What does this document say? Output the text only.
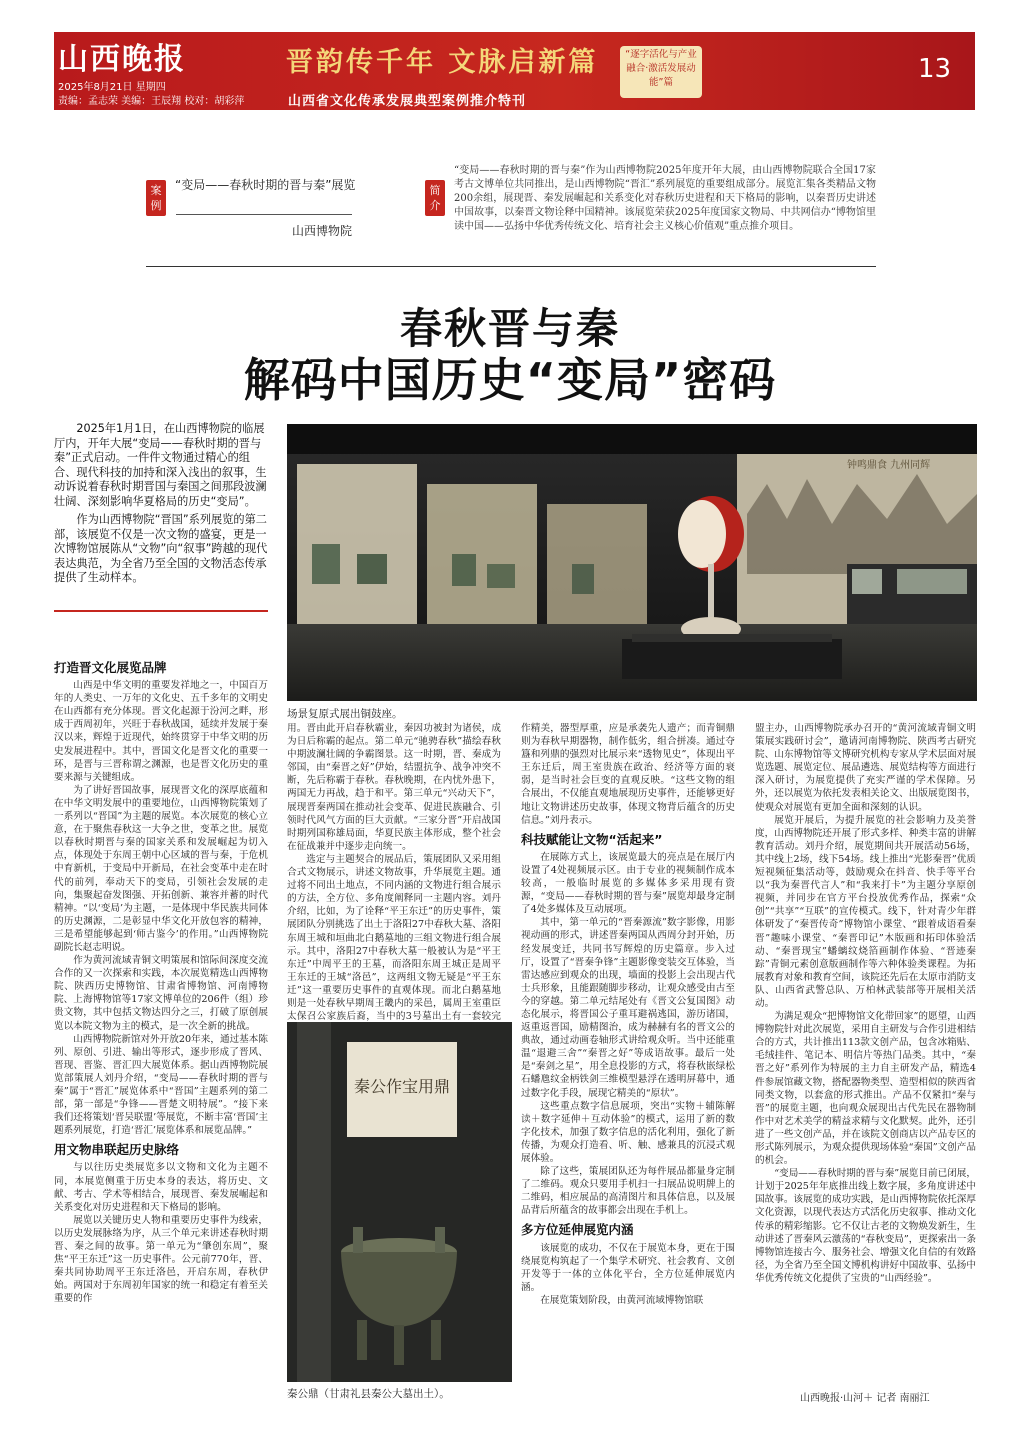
山西晚报
2025年8月21日 星期四
责编：孟志荣 美编：王辰翔 校对：胡彩萍
晋韵传千年 文脉启新篇
山西省文化传承发展典型案例推介特刊
“逐字活化与产业融合·激活发展动能”篇	13
案例
“变局——春秋时期的晋与秦”展览
山西博物院
简介
“变局——春秋时期的晋与秦”作为山西博物院2025年度开年大展，由山西博物院联合全国17家考古文博单位共同推出，是山西博物院“晋汇”系列展览的重要组成部分。展览汇集各类精品文物200余组，展现晋、秦发展崛起和关系变化对春秋历史进程和天下格局的影响，以秦晋历史讲述中国故事，以秦晋文物诠释中国精神。该展览荣获2025年度国家文物局、中共网信办“博物馆里读中国——弘扬中华优秀传统文化、培育社会主义核心价值观”重点推介项目。
春秋晋与秦
解码中国历史“变局”密码

2025年1月1日，在山西博物院的临展厅内，开年大展“变局——春秋时期的晋与秦”正式启动。一件件文物通过精心的组合、现代科技的加持和深入浅出的叙事，生动诉说着春秋时期晋国与秦国之间那段波澜壮阔、深刻影响华夏格局的历史“变局”。

作为山西博物院“晋国”系列展览的第二部，该展览不仅是一次文物的盛宴，更是一次博物馆展陈从“文物”向“叙事”跨越的现代表达典范，为全省乃至全国的文物活态传承提供了生动样本。

钟鸣鼎食 九州同辉
场景复原式展出铜鼓座。
打造晋文化展览品牌

山西是中华文明的重要发祥地之一，中国百万年的人类史、一万年的文化史、五千多年的文明史在山西都有充分体现。晋文化起源于汾河之畔，形成于西周初年，兴旺于春秋战国，延续并发展于秦汉以来，辉煌于近现代，始终贯穿于中华文明的历史发展进程中。其中，晋国文化是晋文化的重要一环，是晋与三晋称谓之渊源，也是晋文化历史的重要来源与关键组成。

为了讲好晋国故事，展现晋文化的深厚底蕴和在中华文明发展中的重要地位，山西博物院策划了一系列以“晋国”为主题的展览。本次展览的核心立意，在于聚焦春秋这一大争之世，变革之世。展览以春秋时期晋与秦的国家关系和发展崛起为切入点，体现处于东周王朝中心区域的晋与秦，于危机中育新机，于变局中开新局，在社会变革中走在时代的前列，奉动天下的变局，引领社会发展的走向，集聚起奋发图强、开拓创新、兼容并蓄的时代精神。“以‘变局’为主题，一是体现中华民族共同体的历史渊源，二是彰显中华文化开放包容的精神，三是希望能够起到‘师古鉴今’的作用。”山西博物院副院长赵志明说。

作为黄河流域青铜文明策展和馆际间深度交流合作的又一次探索和实践，本次展览精选山西博物院、陕西历史博物馆、甘肃省博物馆、河南博物院、上海博物馆等17家文博单位的206件（组）珍贵文物，其中包括文物达四分之三，打破了原创展览以本院文物为主的模式，是一次全新的挑战。

山西博物院新馆对外开放20年来，通过基本陈列、原创、引进、输出等形式，逐步形成了晋风、晋现、晋鉴、晋汇四大展览体系。据山西博物院展览部策展人刘丹介绍，“变局——春秋时期的晋与秦”属于“晋汇”展览体系中“晋国”主题系列的第二部，第一部是“争锋——晋楚文明特展”。“接下来我们还将策划‘晋吴联盟’等展览，不断丰富‘晋国’主题系列展览，打造‘晋汇’展览体系和展览品牌。”

用文物串联起历史脉络

与以往历史类展览多以文物和文化为主题不同，本展览侧重于历史本身的表达，将历史、文献、考古、学术等相结合，展现晋、秦发展崛起和关系变化对历史进程和天下格局的影响。

展览以关键历史人物和重要历史事件为线索，以历史发展脉络为序，从三个单元来讲述春秋时期晋、秦之间的故事。第一单元为“肇创东周”，聚焦“平王东迁”这一历史事件。公元前770年，晋、秦共同协助周平王东迁洛邑，开启东周，春秋伊始。两国对于东周初年国家的统一和稳定有着至关重要的作

用。晋由此开启春秋霸业，秦因功被封为诸侯，成为日后称霸的起点。第二单元“驰骋春秋”描绘春秋中期波澜壮阔的争霸图景。这一时期，晋、秦成为邻国，由“秦晋之好”伊始，结盟抗争、战争冲突不断，先后称霸于春秋。春秋晚期，在内忧外患下，两国无力再战，趋于和平。第三单元“兴动天下”，展现晋秦两国在推动社会变革、促进民族融合、引领时代风气方面的巨大贡献。“三家分晋”开启战国时期列国称雄局面，华夏民族主体形成，整个社会在征战兼并中逐步走向统一。

选定与主题契合的展品后，策展团队又采用组合式文物展示，讲述文物故事，升华展览主题。通过将不同出土地点，不同内涵的文物进行组合展示的方法，全方位、多角度阐释同一主题内容。刘丹介绍，比如，为了诠释“平王东迁”的历史事件，策展团队分别挑选了出土于洛阳27中春秋大墓、洛阳东周王城和垣曲北白鹅墓地的三组文物进行组合展示。其中，洛阳27中春秋大墓一般被认为是“平王东迁”中周平王的王墓，而洛阳东周王城正是周平王东迁的王城“洛邑”，这两组文物无疑是“平王东迁”这一重要历史事件的直观体现。而北白鹅墓地则是一处春秋早期周王畿内的采邑，属周王室重臣太保召公家族后裔，当中的3号墓出土有一套较完

秦公作宝用鼎
秦公鼎（甘肃礼县秦公大墓出土）。

作精美，器型厚重，应是承袭先人遗产；而青铜鼎则为春秋早期器物，制作低劣，组合拼凑。通过夺簋和列鼎的强烈对比展示来“透物见史”，体现出平王东迁后，周王室贵族在政治、经济等方面的衰弱，是当时社会巨变的直观反映。“这些文物的组合展出，不仅能直观地展现历史事件，还能够更好地让文物讲述历史故事，体现文物背后蕴含的历史信息。”刘丹表示。

科技赋能让文物“活起来”

在展陈方式上，该展览最大的亮点是在展厅内设置了4处视频展示区。由于专业的视频制作成本较高，一般临时展览的多媒体多采用现有资源，“变局——春秋时期的晋与秦”展览却最身定制了4处多媒体及互动展项。

其中，第一单元的“晋秦源流”数字影像，用影视动画的形式，讲述晋秦两国从西周分封开始，历经发展变迁，共同书写辉煌的历史篇章。步入过厅，设置了“晋秦争锋”主题影像变装交互体验，当雷达感应到观众的出现，墙面的投影上会出现古代士兵形象，且能跟随脚步移动，让观众感受由古至今的穿越。第二单元结尾处有《晋文公复国图》动态化展示，将晋国公子重耳避祸逃国，游历诸国，返重返晋国，励精图治，成为赫赫有名的晋文公的典故，通过动画卷轴形式讲给观众听。当中还能重温“退避三舍”“秦晋之好”等成语故事。最后一处是“秦剑之星”，用全息投影的方式，将春秋嵌绿松石蟠虺纹金柄铁剑三维模型悬浮在透明屏幕中，通过数字化手段，展现它精美的“原状”。

这些重点数字信息展项，突出“实物＋辅陈解读＋数字延伸＋互动体验”的模式，运用了新的数字化技术，加强了数字信息的活化利用，强化了新传播，为观众打造看、听、触、感兼具的沉浸式观展体验。

除了这些，策展团队还为每件展品都量身定制了二维码。观众只要用手机扫一扫展品说明牌上的二维码，相应展品的高清图片和具体信息，以及展品背后所蕴含的故事都会出现在手机上。

多方位延伸展览内涵

该展览的成功，不仅在于展览本身，更在于围绕展览构筑起了一个集学术研究、社会教育、文创开发等于一体的立体化平台，全方位延伸展览内涵。

在展览策划阶段，由黄河流域博物馆联

盟主办，山西博物院承办召开的“黄河流域青铜文明策展实践研讨会”，邀请河南博物院、陕西考古研究院、山东博物馆等文博研究机构专家从学术层面对展览选题、展览定位、展品遴选、展览结构等方面进行深入研讨，为展览提供了充实严谨的学术保障。另外，还以展览为依托发表相关论文、出版展览图书，使观众对展览有更加全面和深刻的认识。

展览开展后，为提升展览的社会影响力及美誉度，山西博物院还开展了形式多样、种类丰富的讲解教育活动。刘丹介绍，展览期间共开展活动56场，其中线上2场，线下54场。线上推出“光影秦晋”优质短视频征集活动等，鼓励观众在抖音、快手等平台以“我为秦晋代言人”和“我来打卡”为主题分享原创视频，并同步在官方平台投放优秀作品，探索“众创”“共享”“互联”的宣传模式。线下，针对青少年群体研发了“秦晋传奇”博物馆小课堂、“跟着成语看秦晋”趣味小课堂、“秦晋印记”木版画和拓印体验活动、“秦晋现宝”蟠螭纹烧箔画制作体验、“晋迹秦踪”青铜元素创意版画制作等六种体验类课程。为拓展教育对象和教育空间，该院还先后在太原市消防支队、山西省武警总队、万柏林武装部等开展相关活动。

为满足观众“把博物馆文化带回家”的愿望，山西博物院针对此次展览，采用自主研发与合作引进相结合的方式，共计推出113款文创产品，包含冰箱贴、毛绒挂件、笔记本、明信片等热门品类。其中，“秦晋之好”系列作为特展的主力自主研发产品，精选4件参展馆藏文物，搭配器物类型、造型相似的陕西省同类文物，以套盒的形式推出。产品不仅紧扣“秦与晋”的展览主题，也向观众展现出古代先民在器物制作中对艺术美学的精益求精与文化默契。此外，还引进了一些文创产品，并在该院文创商店以产品专区的形式陈列展示，为观众提供现场体验“秦国”文创产品的机会。

“变局——春秋时期的晋与秦”展览目前已闭展，计划于2025年年底推出线上数字展，多角度讲述中国故事。该展览的成功实践，是山西博物院依托深厚文化资源，以现代表达方式活化历史叙事、推动文化传承的精彩缩影。它不仅让古老的文物焕发新生，生动讲述了晋秦风云激荡的“春秋变局”，更探索出一条博物馆连接古今、服务社会、增强文化自信的有效路径，为全省乃至全国文博机构讲好中国故事、弘扬中华优秀传统文化提供了宝贵的“山西经验”。

山西晚报·山河＋ 记者 南丽江
